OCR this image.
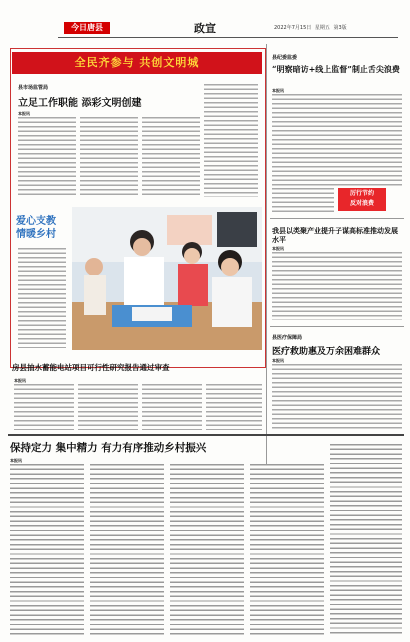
今日唐县	政宣	2022年7月15日 星期五 第3版
全民齐参与 共创文明城
县市场监管局
立足工作职能 添彩文明创建
本报讯
爱心支教
情暖乡村
县纪委监委
“明察暗访+线上监督”制止舌尖浪费
本报讯
厉行节约
反对浪费
我县以类聚产业提升子谋高标准推动发展水平
本报讯
县医疗保障局
医疗救助惠及万余困难群众
本报讯
房县抽水蓄能电站项目可行性研究报告通过审查
本报讯
保持定力 集中精力 有力有序推动乡村振兴
本报讯
